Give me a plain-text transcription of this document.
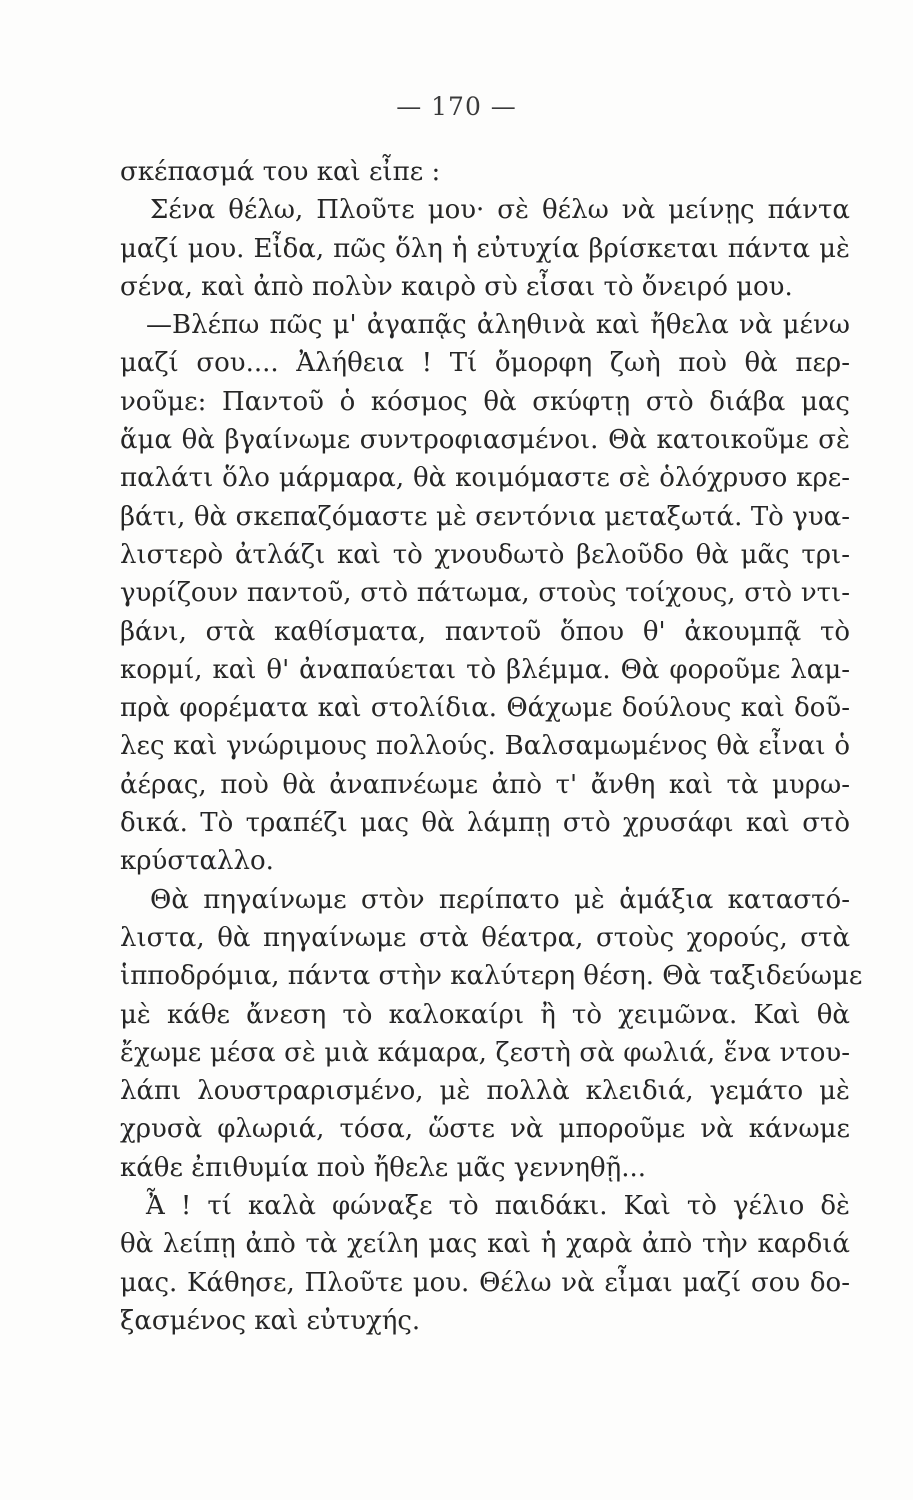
— 170 —
σκέπασμά του καὶ εἶπε :
Σένα θέλω, Πλοῦτε μου· σὲ θέλω νὰ μείνῃς πάντα
μαζί μου. Εἶδα, πῶς ὅλη ἡ εὐτυχία βρίσκεται πάντα μὲ
σένα, καὶ ἀπὸ πολὺν καιρὸ σὺ εἶσαι τὸ ὄνειρό μου.
—Βλέπω πῶς μ' ἀγαπᾷς ἀληθινὰ καὶ ἤθελα νὰ μένω
μαζί σου.... Ἀλήθεια ! Τί ὄμορφη ζωὴ ποὺ θὰ περ-
νοῦμε: Παντοῦ ὁ κόσμος θὰ σκύφτῃ στὸ διάβα μας
ἅμα θὰ βγαίνωμε συντροφιασμένοι. Θὰ κατοικοῦμε σὲ
παλάτι ὅλο μάρμαρα, θὰ κοιμόμαστε σὲ ὁλόχρυσο κρε-
βάτι, θὰ σκεπαζόμαστε μὲ σεντόνια μεταξωτά. Τὸ γυα-
λιστερὸ ἀτλάζι καὶ τὸ χνουδωτὸ βελοῦδο θὰ μᾶς τρι-
γυρίζουν παντοῦ, στὸ πάτωμα, στοὺς τοίχους, στὸ ντι-
βάνι, στὰ καθίσματα, παντοῦ ὅπου θ' ἀκουμπᾷ τὸ
κορμί, καὶ θ' ἀναπαύεται τὸ βλέμμα. Θὰ φοροῦμε λαμ-
πρὰ φορέματα καὶ στολίδια. Θάχωμε δούλους καὶ δοῦ-
λες καὶ γνώριμους πολλούς. Βαλσαμωμένος θὰ εἶναι ὁ
ἀέρας, ποὺ θὰ ἀναπνέωμε ἀπὸ τ' ἄνθη καὶ τὰ μυρω-
δικά. Τὸ τραπέζι μας θὰ λάμπῃ στὸ χρυσάφι καὶ στὸ
κρύσταλλο.
Θὰ πηγαίνωμε στὸν περίπατο μὲ ἁμάξια καταστό-
λιστα, θὰ πηγαίνωμε στὰ θέατρα, στοὺς χορούς, στὰ
ἱπποδρόμια, πάντα στὴν καλύτερη θέση. Θὰ ταξιδεύωμε
μὲ κάθε ἄνεση τὸ καλοκαίρι ἢ τὸ χειμῶνα. Καὶ θὰ
ἔχωμε μέσα σὲ μιὰ κάμαρα, ζεστὴ σὰ φωλιά, ἕνα ντου-
λάπι λουστραρισμένο, μὲ πολλὰ κλειδιά, γεμάτο μὲ
χρυσὰ φλωριά, τόσα, ὥστε νὰ μποροῦμε νὰ κάνωμε
κάθε ἐπιθυμία ποὺ ἤθελε μᾶς γεννηθῇ...
Ἆ ! τί καλὰ φώναξε τὸ παιδάκι. Καὶ τὸ γέλιο δὲ
θὰ λείπῃ ἀπὸ τὰ χείλη μας καὶ ἡ χαρὰ ἀπὸ τὴν καρδιά
μας. Κάθησε, Πλοῦτε μου. Θέλω νὰ εἶμαι μαζί σου δο-
ξασμένος καὶ εὐτυχής.
